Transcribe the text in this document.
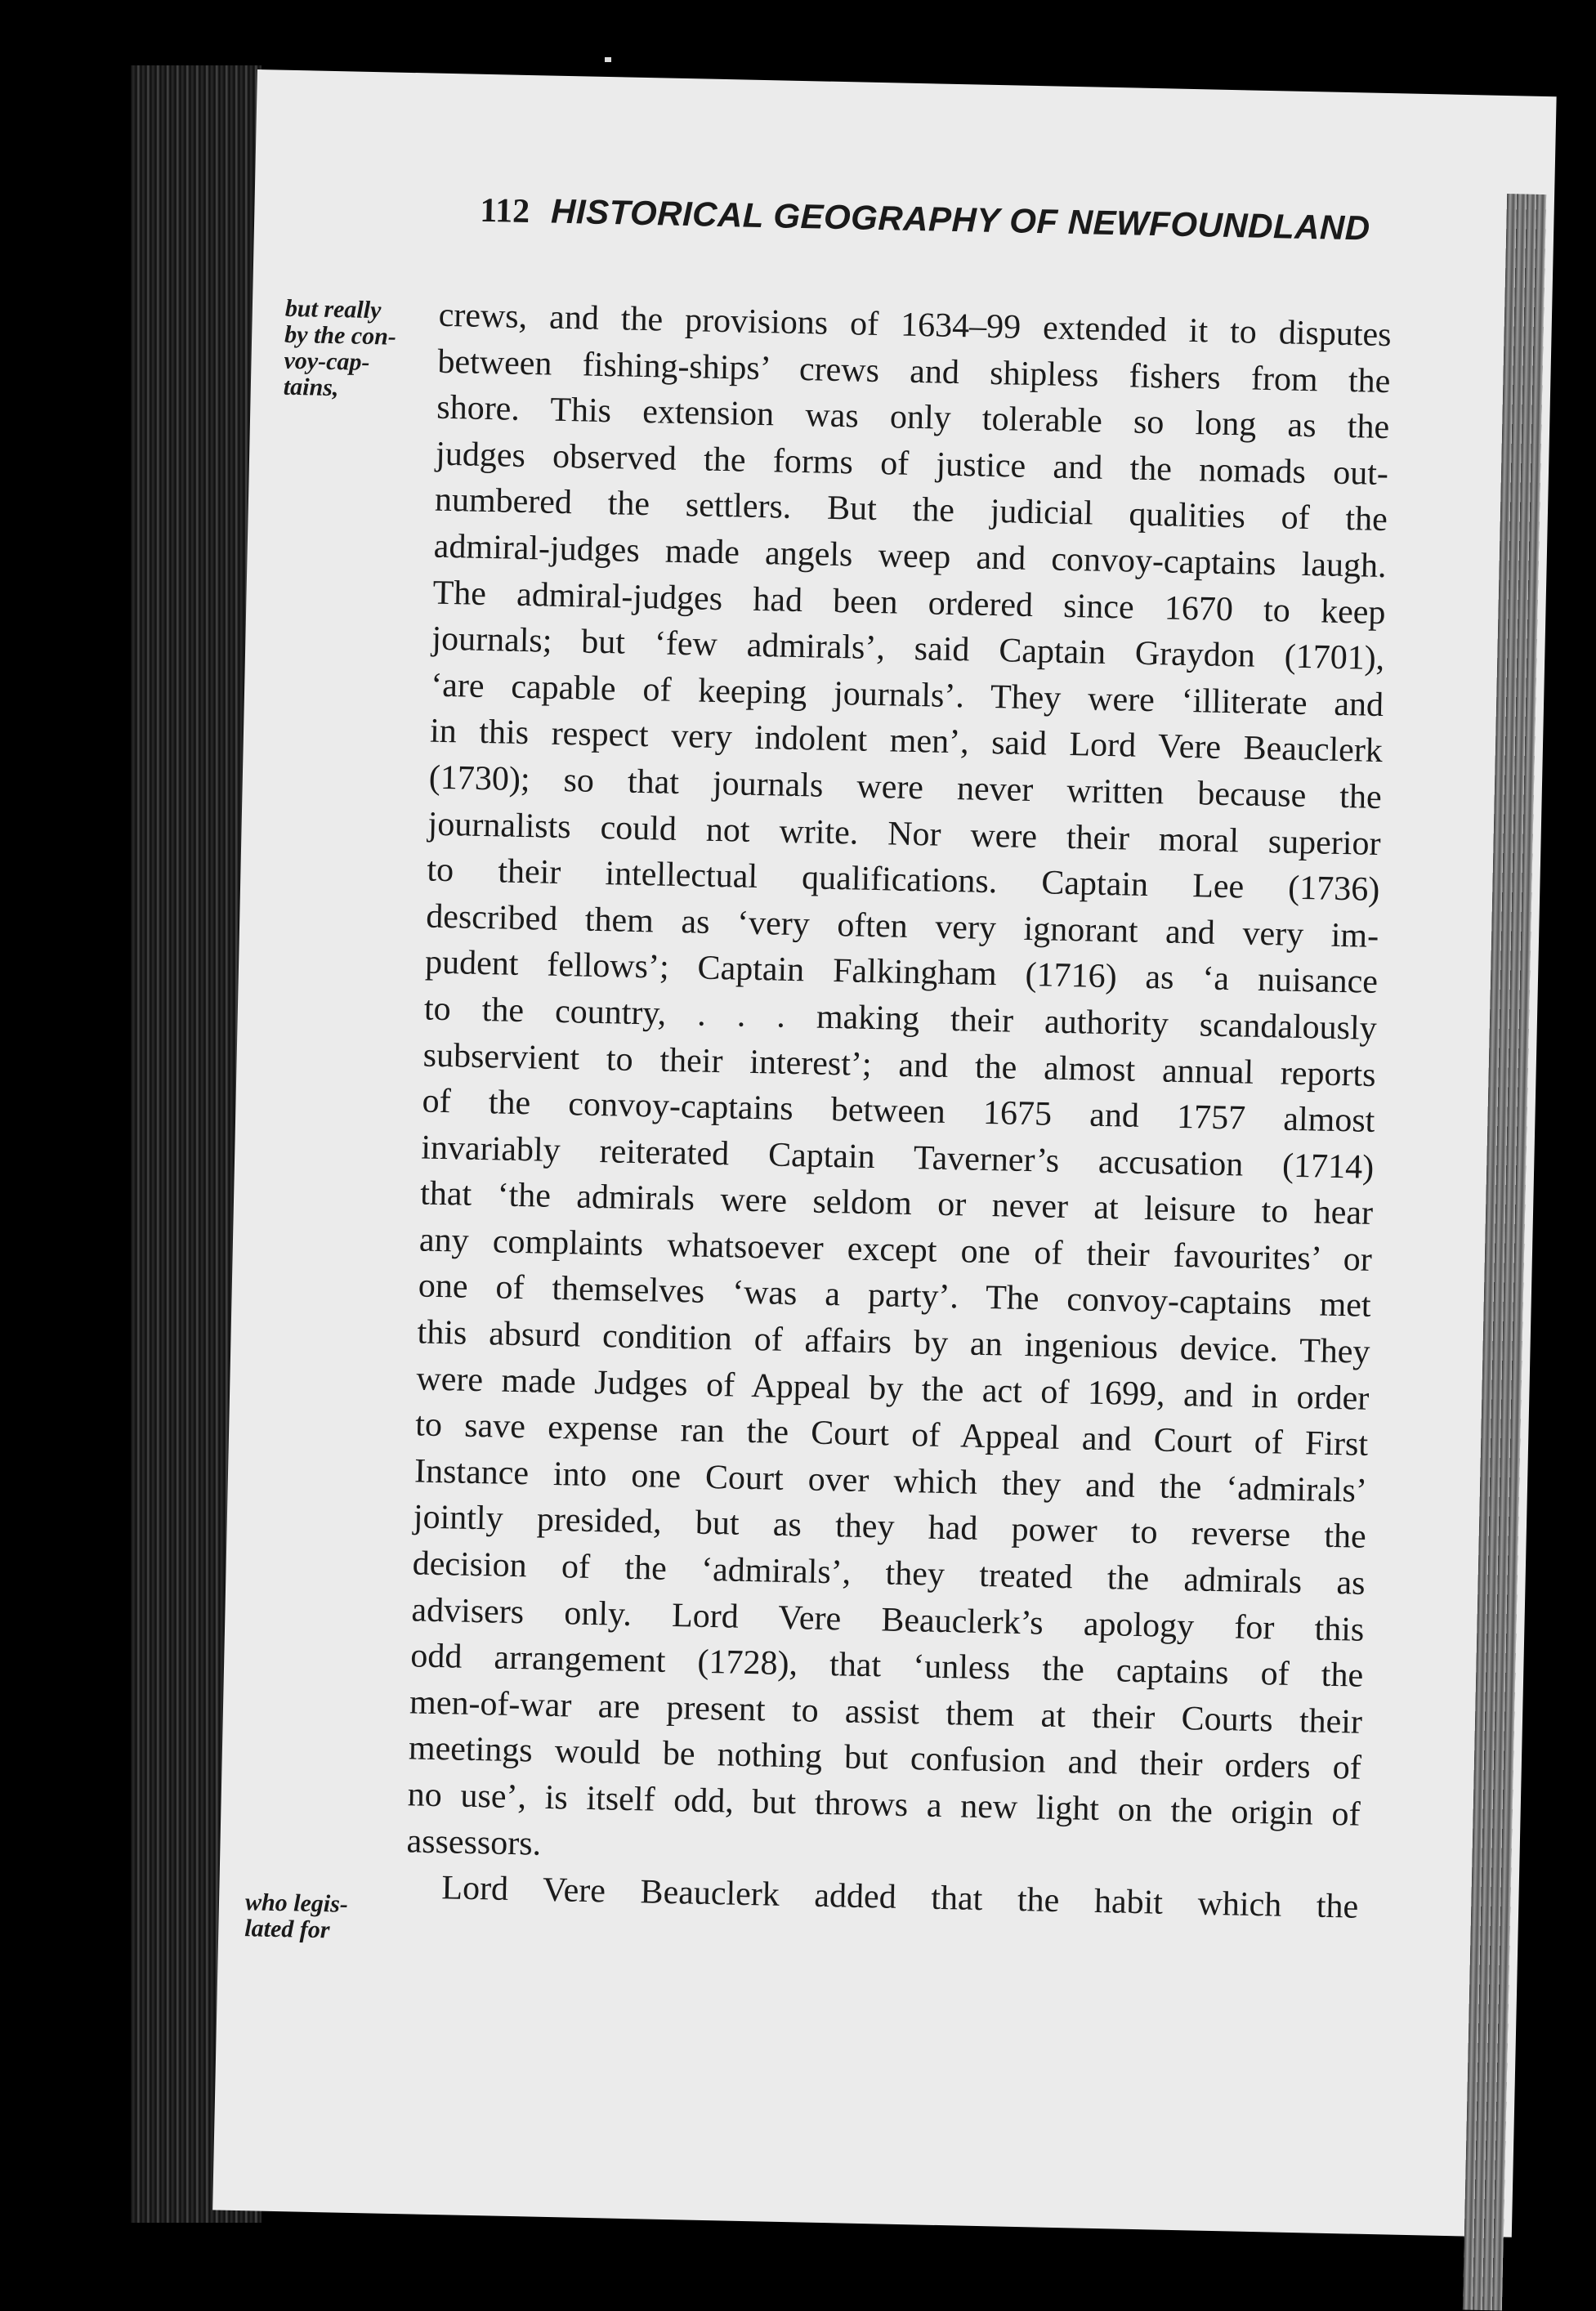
112 HISTORICAL GEOGRAPHY OF NEWFOUNDLAND
but really
by the con-
voy-cap-
tains,
who legis-
lated for
crews, and the provisions of 1634–99 extended it to disputes
between fishing-ships’ crews and shipless fishers from the
shore. This extension was only tolerable so long as the
judges observed the forms of justice and the nomads out-
numbered the settlers. But the judicial qualities of the
admiral-judges made angels weep and convoy-captains laugh.
The admiral-judges had been ordered since 1670 to keep
journals; but ‘few admirals’, said Captain Graydon (1701),
‘are capable of keeping journals’. They were ‘illiterate and
in this respect very indolent men’, said Lord Vere Beauclerk
(1730); so that journals were never written because the
journalists could not write. Nor were their moral superior
to their intellectual qualifications. Captain Lee (1736)
described them as ‘very often very ignorant and very im-
pudent fellows’; Captain Falkingham (1716) as ‘a nuisance
to the country, . . . making their authority scandalously
subservient to their interest’; and the almost annual reports
of the convoy-captains between 1675 and 1757 almost
invariably reiterated Captain Taverner’s accusation (1714)
that ‘the admirals were seldom or never at leisure to hear
any complaints whatsoever except one of their favourites’ or
one of themselves ‘was a party’. The convoy-captains met
this absurd condition of affairs by an ingenious device. They
were made Judges of Appeal by the act of 1699, and in order
to save expense ran the Court of Appeal and Court of First
Instance into one Court over which they and the ‘admirals’
jointly presided, but as they had power to reverse the
decision of the ‘admirals’, they treated the admirals as
advisers only. Lord Vere Beauclerk’s apology for this
odd arrangement (1728), that ‘unless the captains of the
men-of-war are present to assist them at their Courts their
meetings would be nothing but confusion and their orders of
no use’, is itself odd, but throws a new light on the origin of
assessors.
Lord Vere Beauclerk added that the habit which the
